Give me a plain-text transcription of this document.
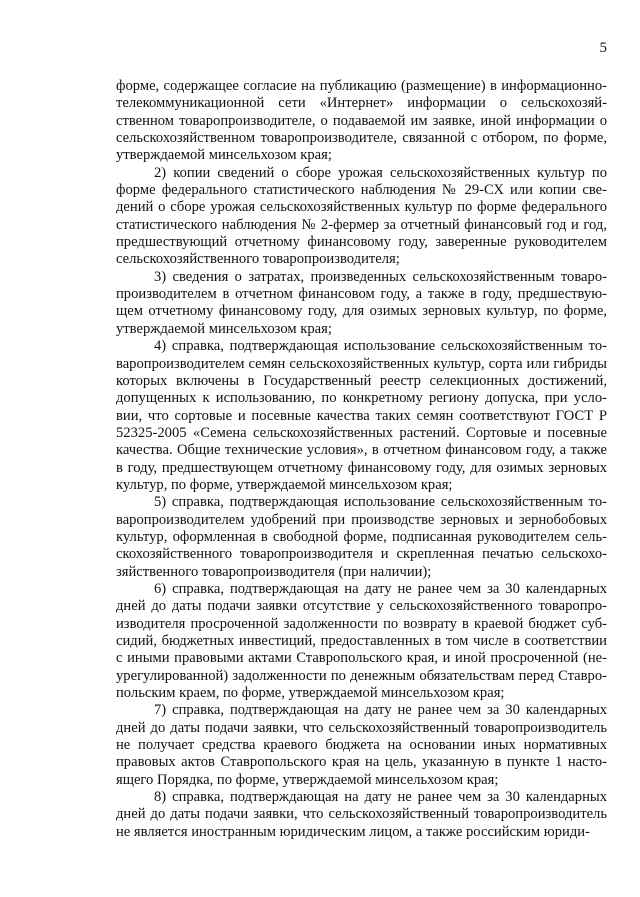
5

форме, содержащее согласие на публикацию (размещение) в информационно-телекоммуникационной сети «Интернет» информации о сельскохозяйственном товаропроизводителе, о подаваемой им заявке, иной информации о сельскохозяйственном товаропроизводителе, связанной с отбором, по форме, утверждаемой минсельхозом края;

2) копии сведений о сборе урожая сельскохозяйственных культур по форме федерального статистического наблюдения № 29-СХ или копии сведений о сборе урожая сельскохозяйственных культур по форме федерального статистического наблюдения № 2-фермер за отчетный финансовый год и год, предшествующий отчетному финансовому году, заверенные руководителем сельскохозяйственного товаропроизводителя;

3) сведения о затратах, произведенных сельскохозяйственным товаропроизводителем в отчетном финансовом году, а также в году, предшествующем отчетному финансовому году, для озимых зерновых культур, по форме, утверждаемой минсельхозом края;

4) справка, подтверждающая использование сельскохозяйственным товаропроизводителем семян сельскохозяйственных культур, сорта или гибриды которых включены в Государственный реестр селекционных достижений, допущенных к использованию, по конкретному региону допуска, при условии, что сортовые и посевные качества таких семян соответствуют ГОСТ Р 52325-2005 «Семена сельскохозяйственных растений. Сортовые и посевные качества. Общие технические условия», в отчетном финансовом году, а также в году, предшествующем отчетному финансовому году, для озимых зерновых культур, по форме, утверждаемой минсельхозом края;

5) справка, подтверждающая использование сельскохозяйственным товаропроизводителем удобрений при производстве зерновых и зернобобовых культур, оформленная в свободной форме, подписанная руководителем сельскохозяйственного товаропроизводителя и скрепленная печатью сельскохозяйственного товаропроизводителя (при наличии);

6) справка, подтверждающая на дату не ранее чем за 30 календарных дней до даты подачи заявки отсутствие у сельскохозяйственного товаропроизводителя просроченной задолженности по возврату в краевой бюджет субсидий, бюджетных инвестиций, предоставленных в том числе в соответствии с иными правовыми актами Ставропольского края, и иной просроченной (неурегулированной) задолженности по денежным обязательствам перед Ставропольским краем, по форме, утверждаемой минсельхозом края;

7) справка, подтверждающая на дату не ранее чем за 30 календарных дней до даты подачи заявки, что сельскохозяйственный товаропроизводитель не получает средства краевого бюджета на основании иных нормативных правовых актов Ставропольского края на цель, указанную в пункте 1 настоящего Порядка, по форме, утверждаемой минсельхозом края;

8) справка, подтверждающая на дату не ранее чем за 30 календарных дней до даты подачи заявки, что сельскохозяйственный товаропроизводитель не является иностранным юридическим лицом, а также российским юриди-
